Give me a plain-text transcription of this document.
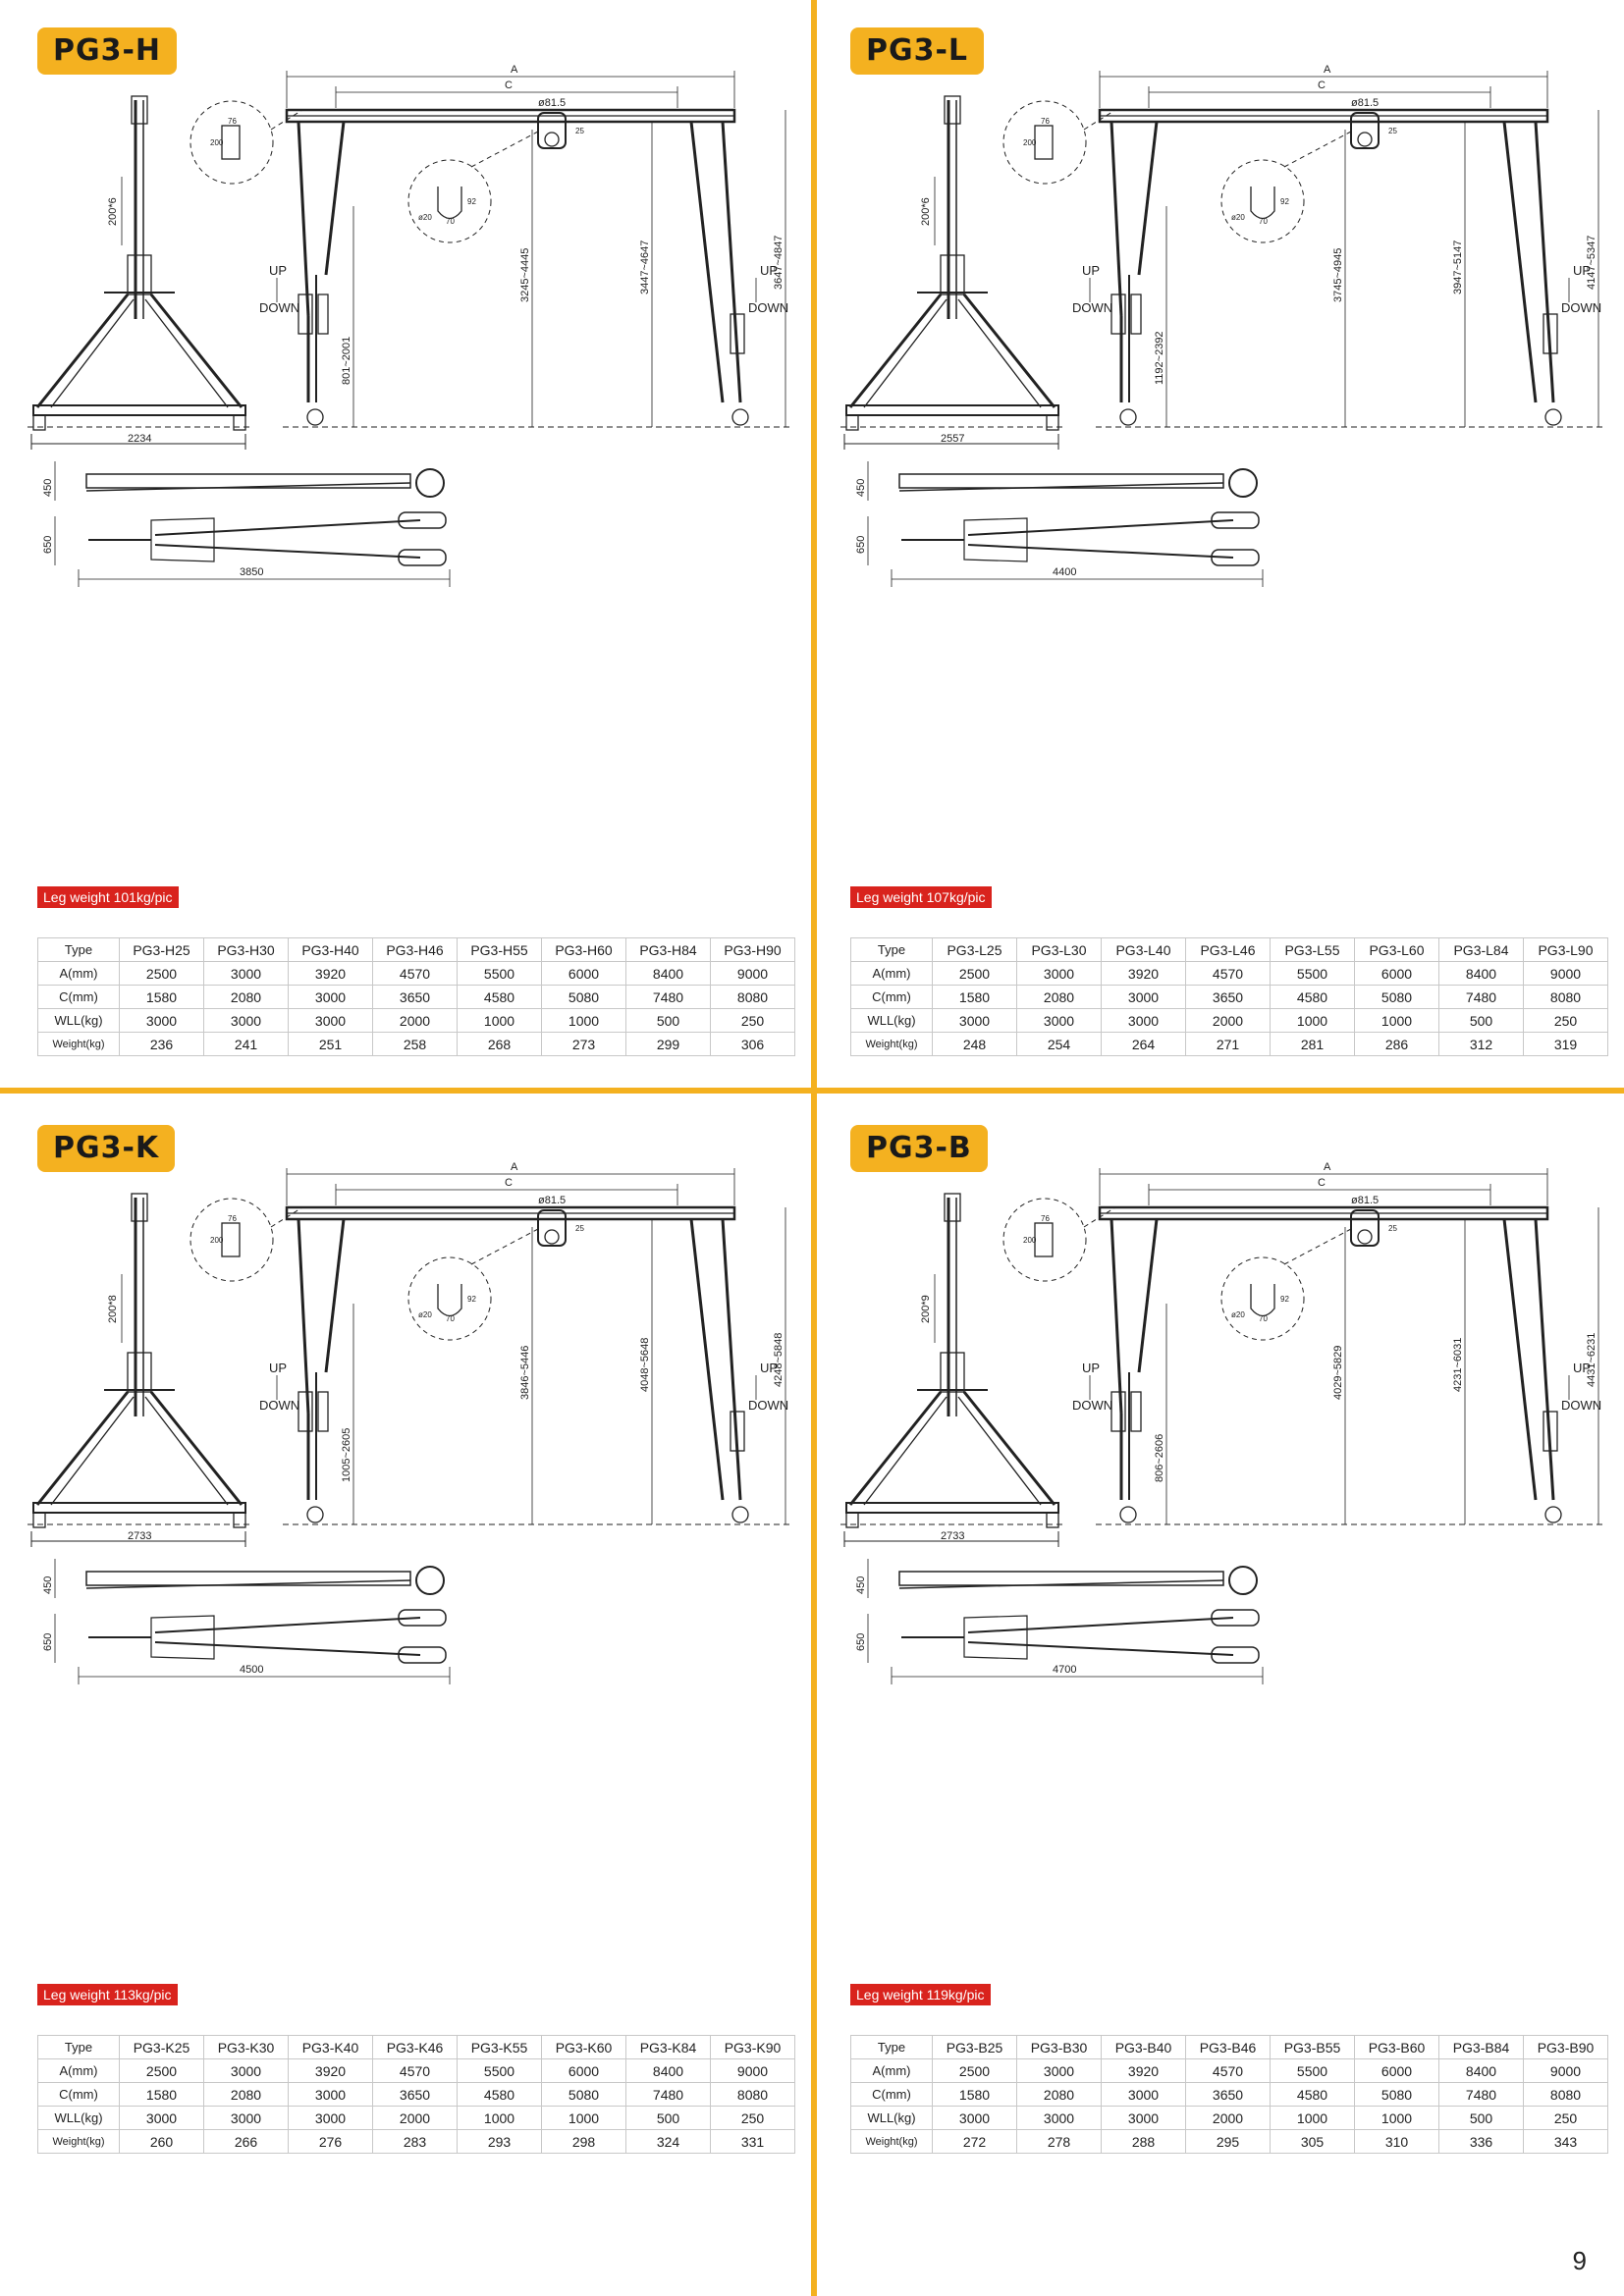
PG3-H
A
C
ø81.5
200
76
25
92
70
ø20
200*6
UP
DOWN
UP
DOWN
801~2001
3245~4445	3447~4647	3647~4847
2234
450
650
3850
Leg weight 101kg/pic
Type	PG3-H25	PG3-H30	PG3-H40	PG3-H46	PG3-H55	PG3-H60	PG3-H84	PG3-H90
A(mm)	2500	3000	3920	4570	5500	6000	8400	9000
C(mm)	1580	2080	3000	3650	4580	5080	7480	8080
WLL(kg)	3000	3000	3000	2000	1000	1000	500	250
Weight(kg)	236	241	251	258	268	273	299	306
PG3-L
A
C
ø81.5
200
76
25
92
70
ø20
200*6
UP
DOWN
UP
DOWN
1192~2392
3745~4945	3947~5147	4147~5347
2557
450
650
4400
Leg weight 107kg/pic
Type	PG3-L25	PG3-L30	PG3-L40	PG3-L46	PG3-L55	PG3-L60	PG3-L84	PG3-L90
A(mm)	2500	3000	3920	4570	5500	6000	8400	9000
C(mm)	1580	2080	3000	3650	4580	5080	7480	8080
WLL(kg)	3000	3000	3000	2000	1000	1000	500	250
Weight(kg)	248	254	264	271	281	286	312	319
PG3-K
A
C
ø81.5
200
76
25
92
70
ø20
200*8
UP
DOWN
UP
DOWN
1005~2605
3846~5446	4048~5648	4248~5848
2733
450
650
4500
Leg weight 113kg/pic
Type	PG3-K25	PG3-K30	PG3-K40	PG3-K46	PG3-K55	PG3-K60	PG3-K84	PG3-K90
A(mm)	2500	3000	3920	4570	5500	6000	8400	9000
C(mm)	1580	2080	3000	3650	4580	5080	7480	8080
WLL(kg)	3000	3000	3000	2000	1000	1000	500	250
Weight(kg)	260	266	276	283	293	298	324	331
PG3-B
A
C
ø81.5
200
76
25
92
70
ø20
200*9
UP
DOWN
UP
DOWN
806~2606
4029~5829	4231~6031	4431~6231
2733
450
650
4700
Leg weight 119kg/pic
Type	PG3-B25	PG3-B30	PG3-B40	PG3-B46	PG3-B55	PG3-B60	PG3-B84	PG3-B90
A(mm)	2500	3000	3920	4570	5500	6000	8400	9000
C(mm)	1580	2080	3000	3650	4580	5080	7480	8080
WLL(kg)	3000	3000	3000	2000	1000	1000	500	250
Weight(kg)	272	278	288	295	305	310	336	343
9
